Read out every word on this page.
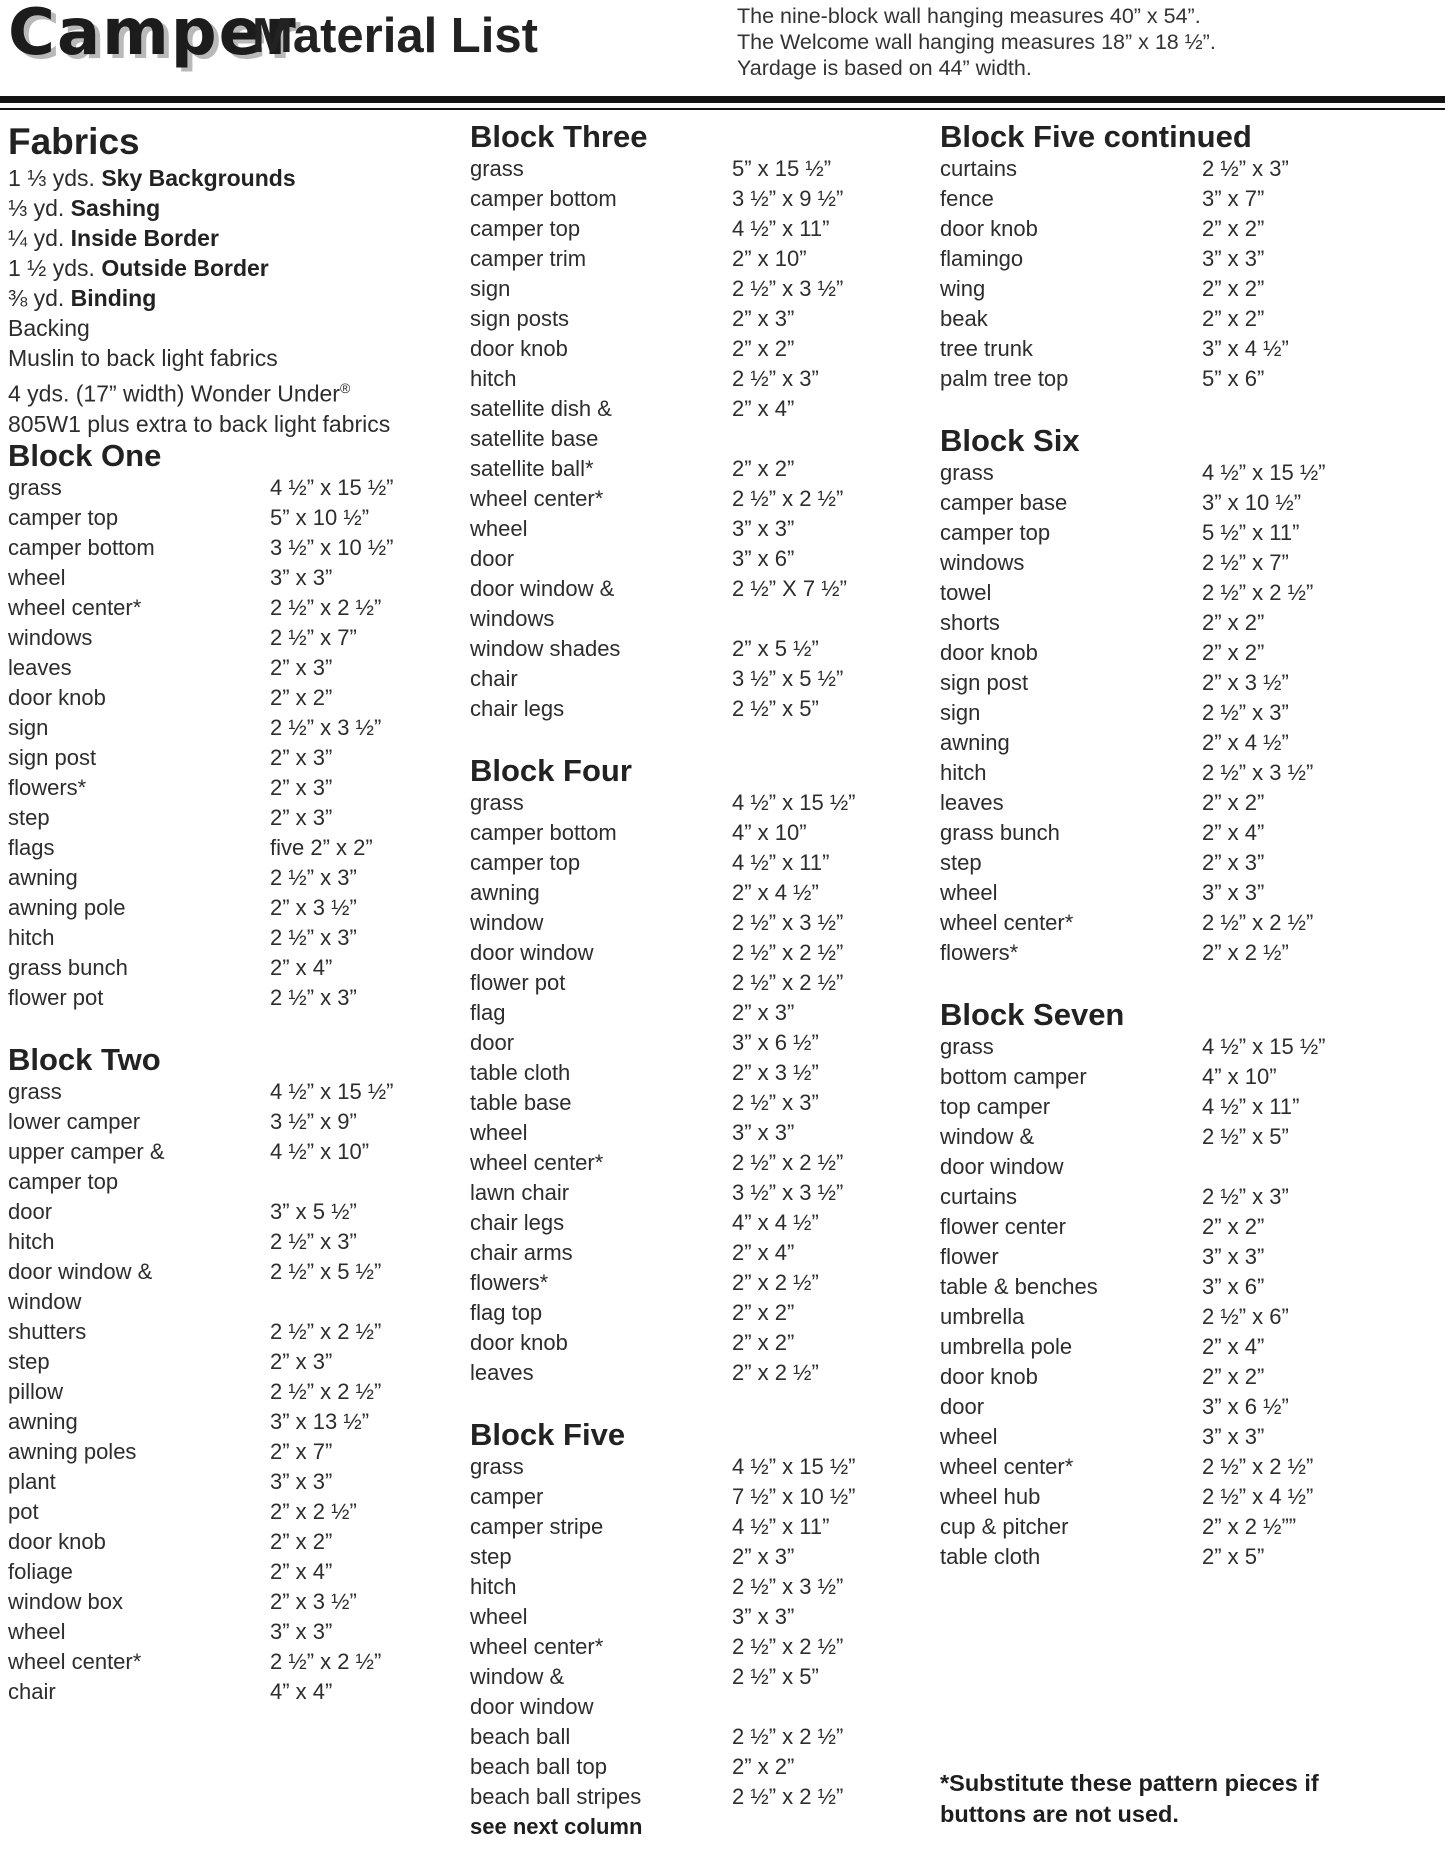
Camper
Material List	The nine-block wall hanging measures 40” x 54”.
The Welcome wall hanging measures 18” x 18 ½”.
Yardage is based on 44” width.
Fabrics
1 ⅓ yds. Sky Backgrounds
⅓ yd. Sashing
¼ yd. Inside Border
1 ½ yds. Outside Border
⅜ yd. Binding
Backing
Muslin to back light fabrics
4 yds. (17” width) Wonder Under®
805W1 plus extra to back light fabrics
Block One
grass	4 ½” x 15 ½”
camper top	5” x 10 ½”
camper bottom	3 ½” x 10 ½”
wheel	3” x 3”
wheel center*	2 ½” x 2 ½”
windows	2 ½” x 7”
leaves	2” x 3”
door knob	2” x 2”
sign	2 ½” x 3 ½”
sign post	2” x 3”
flowers*	2” x 3”
step	2” x 3”
flags	five 2” x 2”
awning	2 ½” x 3”
awning pole	2” x 3 ½”
hitch	2 ½” x 3”
grass bunch	2” x 4”
flower pot	2 ½” x 3”
Block Two
grass	4 ½” x 15 ½”
lower camper	3 ½” x 9”
upper camper &
camper top
4 ½” x 10”
door	3” x 5 ½”
hitch	2 ½” x 3”
door window &
window
2 ½” x 5 ½”
shutters	2 ½” x 2 ½”
step	2” x 3”
pillow	2 ½” x 2 ½”
awning	3” x 13 ½”
awning poles	2” x 7”
plant	3” x 3”
pot	2” x 2 ½”
door knob	2” x 2”
foliage	2” x 4”
window box	2” x 3 ½”
wheel	3” x 3”
wheel center*	2 ½” x 2 ½”
chair	4” x 4”
Block Three
grass	5” x 15 ½”
camper bottom	3 ½” x 9 ½”
camper top	4 ½” x 11”
camper trim	2” x 10”
sign	2 ½” x 3 ½”
sign posts	2” x 3”
door knob	2” x 2”
hitch	2 ½” x 3”
satellite dish &
satellite base
2” x 4”
satellite ball*	2” x 2”
wheel center*	2 ½” x 2 ½”
wheel	3” x 3”
door	3” x 6”
door window &
windows
2 ½” X 7 ½”
window shades	2” x 5 ½”
chair	3 ½” x 5 ½”
chair legs	2 ½” x 5”
Block Four
grass	4 ½” x 15 ½”
camper bottom	4” x 10”
camper top	4 ½” x 11”
awning	2” x 4 ½”
window	2 ½” x 3 ½”
door window	2 ½” x 2 ½”
flower pot	2 ½” x 2 ½”
flag	2” x 3”
door	3” x 6 ½”
table cloth	2” x 3 ½”
table base	2 ½” x 3”
wheel	3” x 3”
wheel center*	2 ½” x 2 ½”
lawn chair	3 ½” x 3 ½”
chair legs	4” x 4 ½”
chair arms	2” x 4”
flowers*	2” x 2 ½”
flag top	2” x 2”
door knob	2” x 2”
leaves	2” x 2 ½”
Block Five
grass	4 ½” x 15 ½”
camper	7 ½” x 10 ½”
camper stripe	4 ½” x 11”
step	2” x 3”
hitch	2 ½” x 3 ½”
wheel	3” x 3”
wheel center*	2 ½” x 2 ½”
window &
door window
2 ½” x 5”
beach ball	2 ½” x 2 ½”
beach ball top	2” x 2”
beach ball stripes	2 ½” x 2 ½”
see next column
Block Five continued
curtains	2 ½” x 3”
fence	3” x 7”
door knob	2” x 2”
flamingo	3” x 3”
wing	2” x 2”
beak	2” x 2”
tree trunk	3” x 4 ½”
palm tree top	5” x 6”
Block Six
grass	4 ½” x 15 ½”
camper base	3” x 10 ½”
camper top	5 ½” x 11”
windows	2 ½” x 7”
towel	2 ½” x 2 ½”
shorts	2” x 2”
door knob	2” x 2”
sign post	2” x 3 ½”
sign	2 ½” x 3”
awning	2” x 4 ½”
hitch	2 ½” x 3 ½”
leaves	2” x 2”
grass bunch	2” x 4”
step	2” x 3”
wheel	3” x 3”
wheel center*	2 ½” x 2 ½”
flowers*	2” x 2 ½”
Block Seven
grass	4 ½” x 15 ½”
bottom camper	4” x 10”
top camper	4 ½” x 11”
window &
door window
2 ½” x 5”
curtains	2 ½” x 3”
flower center	2” x 2”
flower	3” x 3”
table & benches	3” x 6”
umbrella	2 ½” x 6”
umbrella pole	2” x 4”
door knob	2” x 2”
door	3” x 6 ½”
wheel	3” x 3”
wheel center*	2 ½” x 2 ½”
wheel hub	2 ½” x 4 ½”
cup & pitcher	2” x 2 ½””
table cloth	2” x 5”
*Substitute these pattern pieces if
buttons are not used.
